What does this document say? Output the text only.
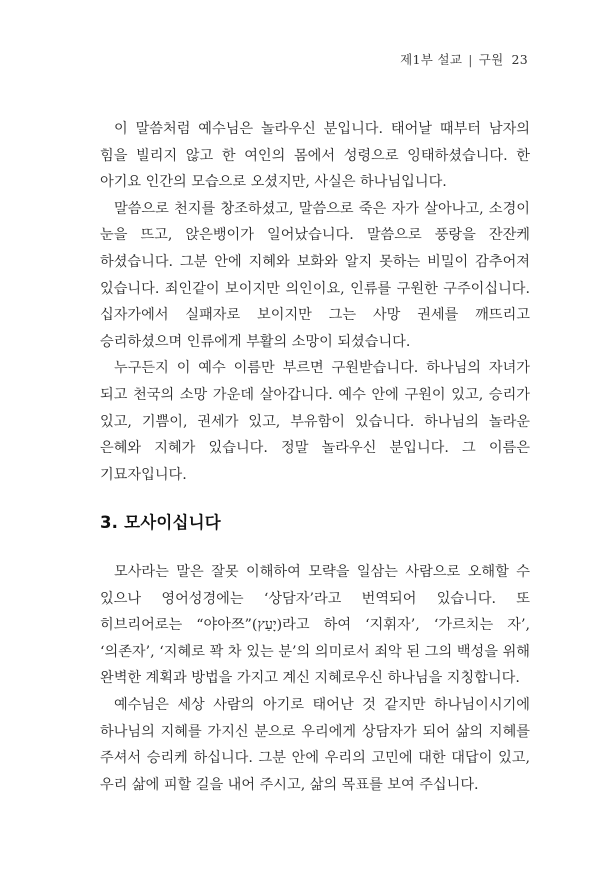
제1부 설교 | 구원 23

이 말씀처럼 예수님은 놀라우신 분입니다. 태어날 때부터 남자의 힘을 빌리지 않고 한 여인의 몸에서 성령으로 잉태하셨습니다. 한 아기요 인간의 모습으로 오셨지만, 사실은 하나님입니다.

말씀으로 천지를 창조하셨고, 말씀으로 죽은 자가 살아나고, 소경이 눈을 뜨고, 앉은뱅이가 일어났습니다. 말씀으로 풍랑을 잔잔케 하셨습니다. 그분 안에 지혜와 보화와 알지 못하는 비밀이 감추어져 있습니다. 죄인같이 보이지만 의인이요, 인류를 구원한 구주이십니다. 십자가에서 실패자로 보이지만 그는 사망 권세를 깨뜨리고 승리하셨으며 인류에게 부활의 소망이 되셨습니다.

누구든지 이 예수 이름만 부르면 구원받습니다. 하나님의 자녀가 되고 천국의 소망 가운데 살아갑니다. 예수 안에 구원이 있고, 승리가 있고, 기쁨이, 권세가 있고, 부유함이 있습니다. 하나님의 놀라운 은혜와 지혜가 있습니다. 정말 놀라우신 분입니다. 그 이름은 기묘자입니다.

3. 모사이십니다

모사라는 말은 잘못 이해하여 모략을 일삼는 사람으로 오해할 수 있으나 영어성경에는 ‘상담자’라고 번역되어 있습니다. 또 히브리어로는 “야아쯔”(יָעַץ)라고 하여 ‘지휘자’, ‘가르치는 자’, ‘의존자’, ‘지혜로 꽉 차 있는 분’의 의미로서 죄악 된 그의 백성을 위해 완벽한 계획과 방법을 가지고 계신 지혜로우신 하나님을 지칭합니다.

예수님은 세상 사람의 아기로 태어난 것 같지만 하나님이시기에 하나님의 지혜를 가지신 분으로 우리에게 상담자가 되어 삶의 지혜를 주셔서 승리케 하십니다. 그분 안에 우리의 고민에 대한 대답이 있고, 우리 삶에 피할 길을 내어 주시고, 삶의 목표를 보여 주십니다.
